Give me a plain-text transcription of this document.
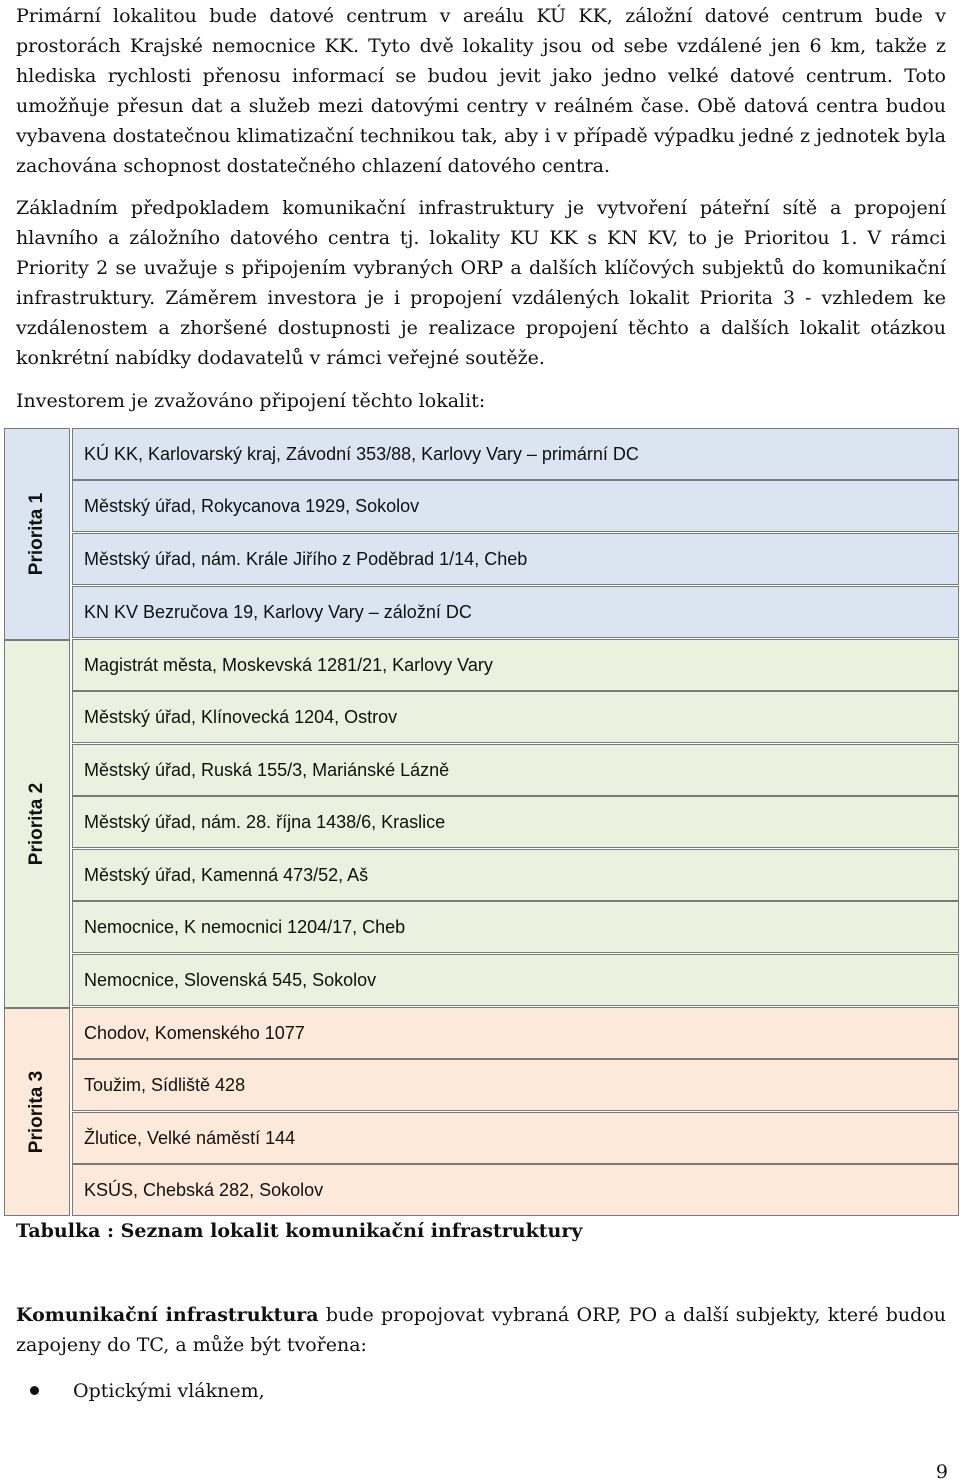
Primární lokalitou bude datové centrum v areálu KÚ KK, záložní datové centrum bude v prostorách Krajské nemocnice KK. Tyto dvě lokality jsou od sebe vzdálené jen 6 km, takže z hlediska rychlosti přenosu informací se budou jevit jako jedno velké datové centrum. Toto umožňuje přesun dat a služeb mezi datovými centry v reálném čase. Obě datová centra budou vybavena dostatečnou klimatizační technikou tak, aby i v případě výpadku jedné z jednotek byla zachována schopnost dostatečného chlazení datového centra.

Základním předpokladem komunikační infrastruktury je vytvoření páteřní sítě a propojení hlavního a záložního datového centra tj. lokality KU KK s KN KV, to je Prioritou 1. V rámci Priority 2 se uvažuje s připojením vybraných ORP a dalších klíčových subjektů do komunikační infrastruktury. Záměrem investora je i propojení vzdálených lokalit Priorita 3 - vzhledem ke vzdálenostem a zhoršené dostupnosti je realizace propojení těchto a dalších lokalit otázkou konkrétní nabídky dodavatelů v rámci veřejné soutěže.

Investorem je zvažováno připojení těchto lokalit:

Priorita 1
Priorita 2
Priorita 3
KÚ KK, Karlovarský kraj, Závodní 353/88, Karlovy Vary – primární DC
Městský úřad, Rokycanova 1929, Sokolov
Městský úřad, nám. Krále Jiřího z Poděbrad 1/14, Cheb
KN KV Bezručova 19, Karlovy Vary – záložní DC
Magistrát města, Moskevská 1281/21, Karlovy Vary
Městský úřad, Klínovecká 1204, Ostrov
Městský úřad, Ruská 155/3, Mariánské Lázně
Městský úřad, nám. 28. října 1438/6, Kraslice
Městský úřad, Kamenná 473/52, Aš
Nemocnice, K nemocnici 1204/17, Cheb
Nemocnice, Slovenská 545, Sokolov
Chodov, Komenského 1077
Toužim, Sídliště 428
Žlutice, Velké náměstí 144
KSÚS, Chebská 282, Sokolov

Tabulka : Seznam lokalit komunikační infrastruktury

Komunikační infrastruktura bude propojovat vybraná ORP, PO a další subjekty, které budou zapojeny do TC, a může být tvořena:

Optickými vláknem,
9
